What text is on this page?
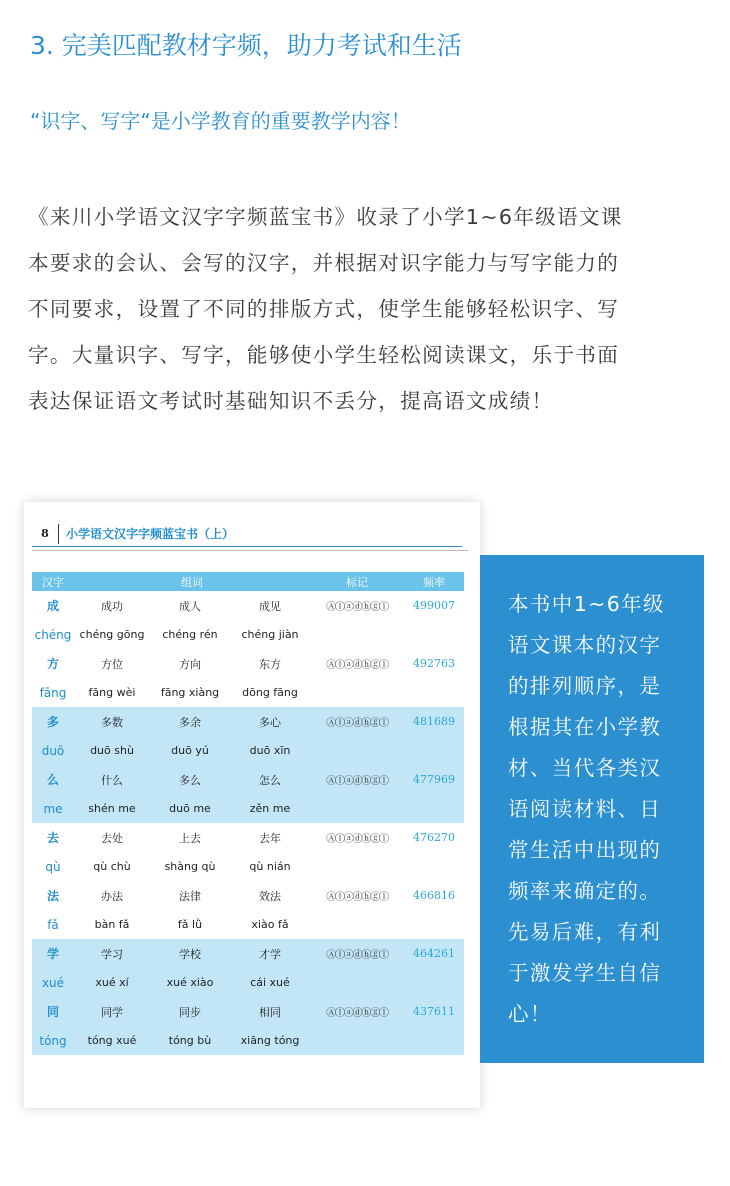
3. 完美匹配教材字频，助力考试和生活
“识字、写字“是小学教育的重要教学内容！
《来川小学语文汉字字频蓝宝书》收录了小学1~6年级语文课
本要求的会认、会写的汉字，并根据对识字能力与写字能力的
不同要求，设置了不同的排版方式，使学生能够轻松识字、写
字。大量识字、写字，能够使小学生轻松阅读课文，乐于书面
表达保证语文考试时基础知识不丢分，提高语文成绩！
8	小学语文汉字字频蓝宝书（上）
汉字	组词			标记	频率
成	成功	成人	成见	Ⓐⓛⓐⓓⓗⓖⓛ	499007
chéng	chéng gōng	chéng rén	chéng jiàn		
方	方位	方向	东方	Ⓐⓛⓐⓓⓗⓖⓛ	492763
fāng	fāng wèi	fāng xiàng	dōng fāng		
多	多数	多余	多心	Ⓐⓛⓐⓓⓗⓖⓛ	481689
duō	duō shù	duō yú	duō xīn		
么	什么	多么	怎么	Ⓐⓛⓐⓓⓗⓖⓛ	477969
me	shén me	duō me	zěn me		
去	去处	上去	去年	Ⓐⓛⓐⓓⓗⓖⓛ	476270
qù	qù chù	shàng qù	qù nián		
法	办法	法律	效法	Ⓐⓛⓐⓓⓗⓖⓛ	466816
fǎ	bàn fǎ	fǎ lǜ	xiào fǎ		
学	学习	学校	才学	Ⓐⓛⓐⓓⓗⓖⓛ	464261
xué	xué xí	xué xiào	cái xué		
同	同学	同步	相同	Ⓐⓛⓐⓓⓗⓖⓛ	437611
tóng	tóng xué	tóng bù	xiāng tóng		
本书中1~6年级
语文课本的汉字
的排列顺序，是
根据其在小学教
材、当代各类汉
语阅读材料、日
常生活中出现的
频率来确定的。
先易后难，有利
于激发学生自信
心！
